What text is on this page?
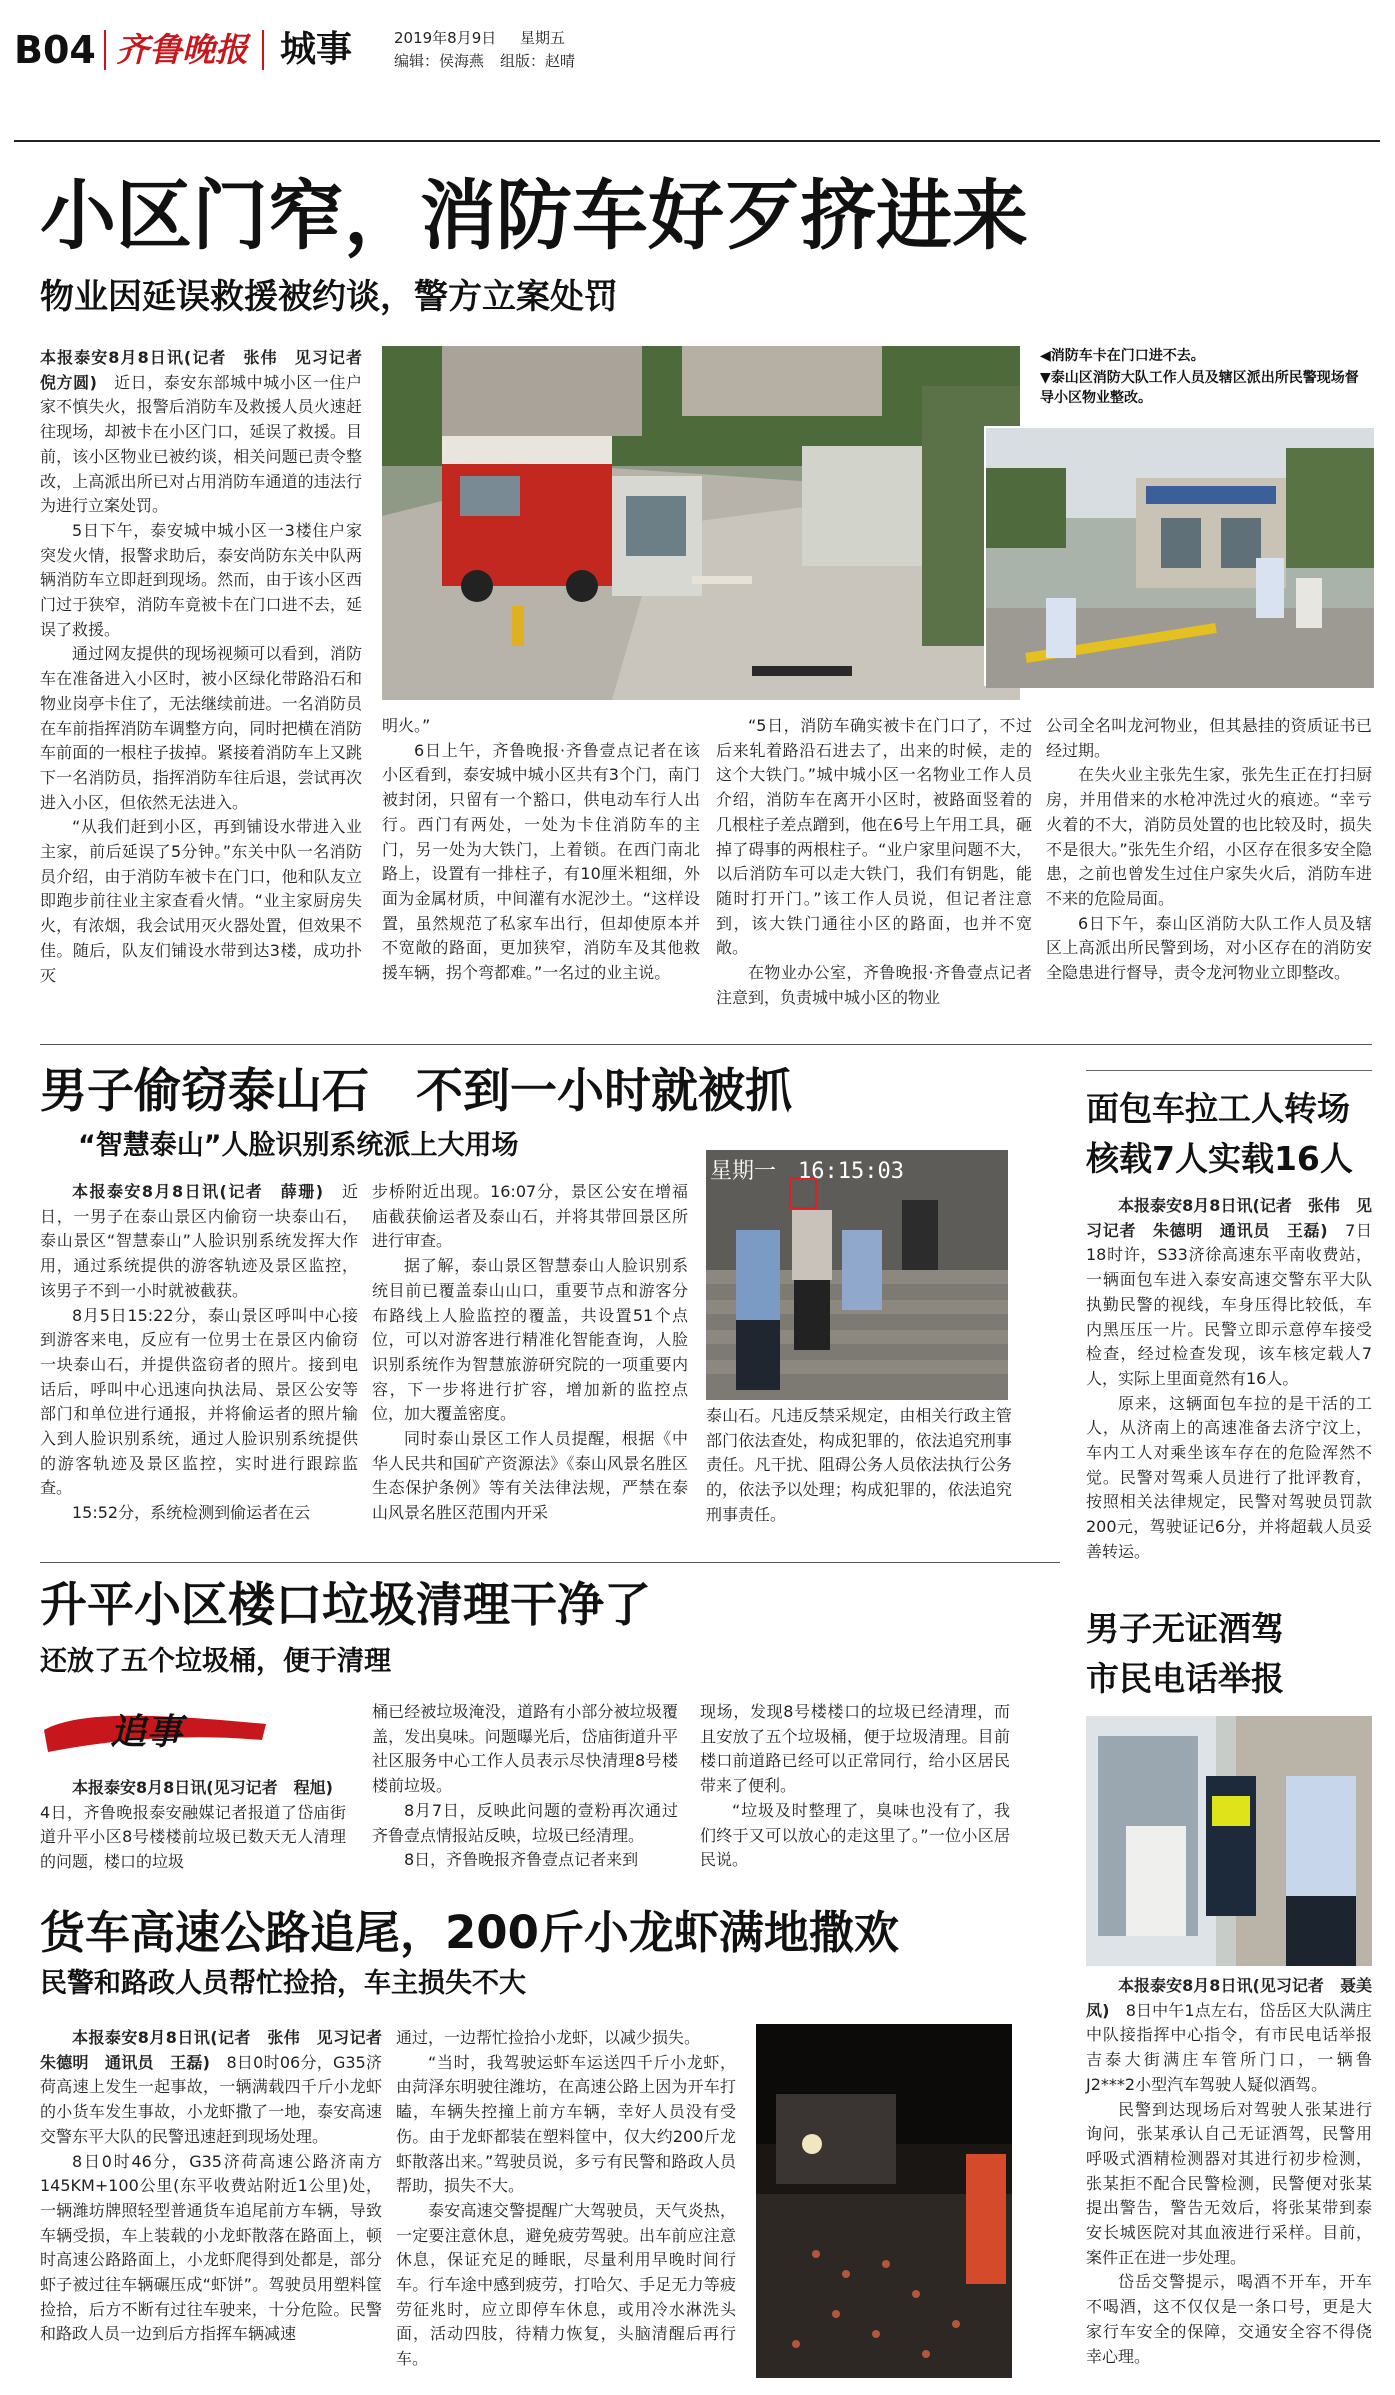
B04 齐鲁晚报 城事	2019年8月9日 星期五
编辑：侯海燕 组版：赵晴
小区门窄，消防车好歹挤进来
物业因延误救援被约谈，警方立案处罚

本报泰安8月8日讯(记者　张伟　见习记者　倪方圆)　近日，泰安东部城中城小区一住户家不慎失火，报警后消防车及救援人员火速赶往现场，却被卡在小区门口，延误了救援。目前，该小区物业已被约谈，相关问题已责令整改，上高派出所已对占用消防车通道的违法行为进行立案处罚。

5日下午，泰安城中城小区一3楼住户家突发火情，报警求助后，泰安尚防东关中队两辆消防车立即赶到现场。然而，由于该小区西门过于狭窄，消防车竟被卡在门口进不去，延误了救援。

通过网友提供的现场视频可以看到，消防车在准备进入小区时，被小区绿化带路沿石和物业岗亭卡住了，无法继续前进。一名消防员在车前指挥消防车调整方向，同时把横在消防车前面的一根柱子拔掉。紧接着消防车上又跳下一名消防员，指挥消防车往后退，尝试再次进入小区，但依然无法进入。

“从我们赶到小区，再到铺设水带进入业主家，前后延误了5分钟。”东关中队一名消防员介绍，由于消防车被卡在门口，他和队友立即跑步前往业主家查看火情。“业主家厨房失火，有浓烟，我会试用灭火器处置，但效果不佳。随后，队友们铺设水带到达3楼，成功扑灭

◀消防车卡在门口进不去。
▼泰山区消防大队工作人员及辖区派出所民警现场督导小区物业整改。

明火。”

6日上午，齐鲁晚报·齐鲁壹点记者在该小区看到，泰安城中城小区共有3个门，南门被封闭，只留有一个豁口，供电动车行人出行。西门有两处，一处为卡住消防车的主门，另一处为大铁门，上着锁。在西门南北路上，设置有一排柱子，有10厘米粗细，外面为金属材质，中间灌有水泥沙土。“这样设置，虽然规范了私家车出行，但却使原本并不宽敞的路面，更加狭窄，消防车及其他救援车辆，拐个弯都难。”一名过的业主说。

“5日，消防车确实被卡在门口了，不过后来轧着路沿石进去了，出来的时候，走的这个大铁门。”城中城小区一名物业工作人员介绍，消防车在离开小区时，被路面竖着的几根柱子差点蹭到，他在6号上午用工具，砸掉了碍事的两根柱子。“业户家里问题不大，以后消防车可以走大铁门，我们有钥匙，能随时打开门。”该工作人员说，但记者注意到，该大铁门通往小区的路面，也并不宽敞。

在物业办公室，齐鲁晚报·齐鲁壹点记者注意到，负责城中城小区的物业

公司全名叫龙河物业，但其悬挂的资质证书已经过期。

在失火业主张先生家，张先生正在打扫厨房，并用借来的水枪冲洗过火的痕迹。“幸亏火着的不大，消防员处置的也比较及时，损失不是很大。”张先生介绍，小区存在很多安全隐患，之前也曾发生过住户家失火后，消防车进不来的危险局面。

6日下午，泰山区消防大队工作人员及辖区上高派出所民警到场，对小区存在的消防安全隐患进行督导，责令龙河物业立即整改。

男子偷窃泰山石　不到一小时就被抓
“智慧泰山”人脸识别系统派上大用场

本报泰安8月8日讯(记者　薛珊)　近日，一男子在泰山景区内偷窃一块泰山石，泰山景区“智慧泰山”人脸识别系统发挥大作用，通过系统提供的游客轨迹及景区监控，该男子不到一小时就被截获。

8月5日15:22分，泰山景区呼叫中心接到游客来电，反应有一位男士在景区内偷窃一块泰山石，并提供盗窃者的照片。接到电话后，呼叫中心迅速向执法局、景区公安等部门和单位进行通报，并将偷运者的照片输入到人脸识别系统，通过人脸识别系统提供的游客轨迹及景区监控，实时进行跟踪监查。

15:52分，系统检测到偷运者在云

步桥附近出现。16:07分，景区公安在增福庙截获偷运者及泰山石，并将其带回景区所进行审查。

据了解，泰山景区智慧泰山人脸识别系统目前已覆盖泰山山口，重要节点和游客分布路线上人脸监控的覆盖，共设置51个点位，可以对游客进行精准化智能查询，人脸识别系统作为智慧旅游研究院的一项重要内容，下一步将进行扩容，增加新的监控点位，加大覆盖密度。

同时泰山景区工作人员提醒，根据《中华人民共和国矿产资源法》《泰山风景名胜区生态保护条例》等有关法律法规，严禁在泰山风景名胜区范围内开采

星期一　16:15:03

泰山石。凡违反禁采规定，由相关行政主管部门依法查处，构成犯罪的，依法追究刑事责任。凡干扰、阻碍公务人员依法执行公务的，依法予以处理；构成犯罪的，依法追究刑事责任。

面包车拉工人转场
核载7人实载16人

本报泰安8月8日讯(记者　张伟　见习记者　朱德明　通讯员　王磊)　7日18时许，S33济徐高速东平南收费站，一辆面包车进入泰安高速交警东平大队执勤民警的视线，车身压得比较低，车内黑压压一片。民警立即示意停车接受检查，经过检查发现，该车核定载人7人，实际上里面竟然有16人。

原来，这辆面包车拉的是干活的工人，从济南上的高速准备去济宁汶上，车内工人对乘坐该车存在的危险浑然不觉。民警对驾乘人员进行了批评教育，按照相关法律规定，民警对驾驶员罚款200元，驾驶证记6分，并将超载人员妥善转运。

升平小区楼口垃圾清理干净了
还放了五个垃圾桶，便于清理
追事

本报泰安8月8日讯(见习记者　程旭)　4日，齐鲁晚报泰安融媒记者报道了岱庙街道升平小区8号楼楼前垃圾已数天无人清理的问题，楼口的垃圾

桶已经被垃圾淹没，道路有小部分被垃圾覆盖，发出臭味。问题曝光后，岱庙街道升平社区服务中心工作人员表示尽快清理8号楼楼前垃圾。

8月7日，反映此问题的壹粉再次通过齐鲁壹点情报站反映，垃圾已经清理。

8日，齐鲁晚报齐鲁壹点记者来到

现场，发现8号楼楼口的垃圾已经清理，而且安放了五个垃圾桶，便于垃圾清理。目前楼口前道路已经可以正常同行，给小区居民带来了便利。

“垃圾及时整理了，臭味也没有了，我们终于又可以放心的走这里了。”一位小区居民说。

男子无证酒驾
市民电话举报

本报泰安8月8日讯(见习记者　聂美凤)　8日中午1点左右，岱岳区大队满庄中队接指挥中心指令，有市民电话举报吉泰大街满庄车管所门口，一辆鲁J2***2小型汽车驾驶人疑似酒驾。

民警到达现场后对驾驶人张某进行询问，张某承认自己无证酒驾，民警用呼吸式酒精检测器对其进行初步检测，张某拒不配合民警检测，民警便对张某提出警告，警告无效后，将张某带到泰安长城医院对其血液进行采样。目前，案件正在进一步处理。

岱岳交警提示，喝酒不开车，开车不喝酒，这不仅仅是一条口号，更是大家行车安全的保障，交通安全容不得侥幸心理。

货车高速公路追尾，200斤小龙虾满地撒欢
民警和路政人员帮忙捡拾，车主损失不大

本报泰安8月8日讯(记者　张伟　见习记者　朱德明　通讯员　王磊)　8日0时06分，G35济荷高速上发生一起事故，一辆满载四千斤小龙虾的小货车发生事故，小龙虾撒了一地，泰安高速交警东平大队的民警迅速赶到现场处理。

8日0时46分，G35济荷高速公路济南方145KM+100公里(东平收费站附近1公里)处，一辆潍坊牌照轻型普通货车追尾前方车辆，导致车辆受损，车上装载的小龙虾散落在路面上，顿时高速公路路面上，小龙虾爬得到处都是，部分虾子被过往车辆碾压成“虾饼”。驾驶员用塑料筐捡拾，后方不断有过往车驶来，十分危险。民警和路政人员一边到后方指挥车辆减速

通过，一边帮忙捡拾小龙虾，以减少损失。

“当时，我驾驶运虾车运送四千斤小龙虾，由菏泽东明驶往潍坊，在高速公路上因为开车打瞌，车辆失控撞上前方车辆，幸好人员没有受伤。由于龙虾都装在塑料筐中，仅大约200斤龙虾散落出来。”驾驶员说，多亏有民警和路政人员帮助，损失不大。

泰安高速交警提醒广大驾驶员，天气炎热，一定要注意休息，避免疲劳驾驶。出车前应注意休息，保证充足的睡眠，尽量利用早晚时间行车。行车途中感到疲劳，打哈欠、手足无力等疲劳征兆时，应立即停车休息，或用冷水淋洗头面，活动四肢，待精力恢复，头脑清醒后再行车。
